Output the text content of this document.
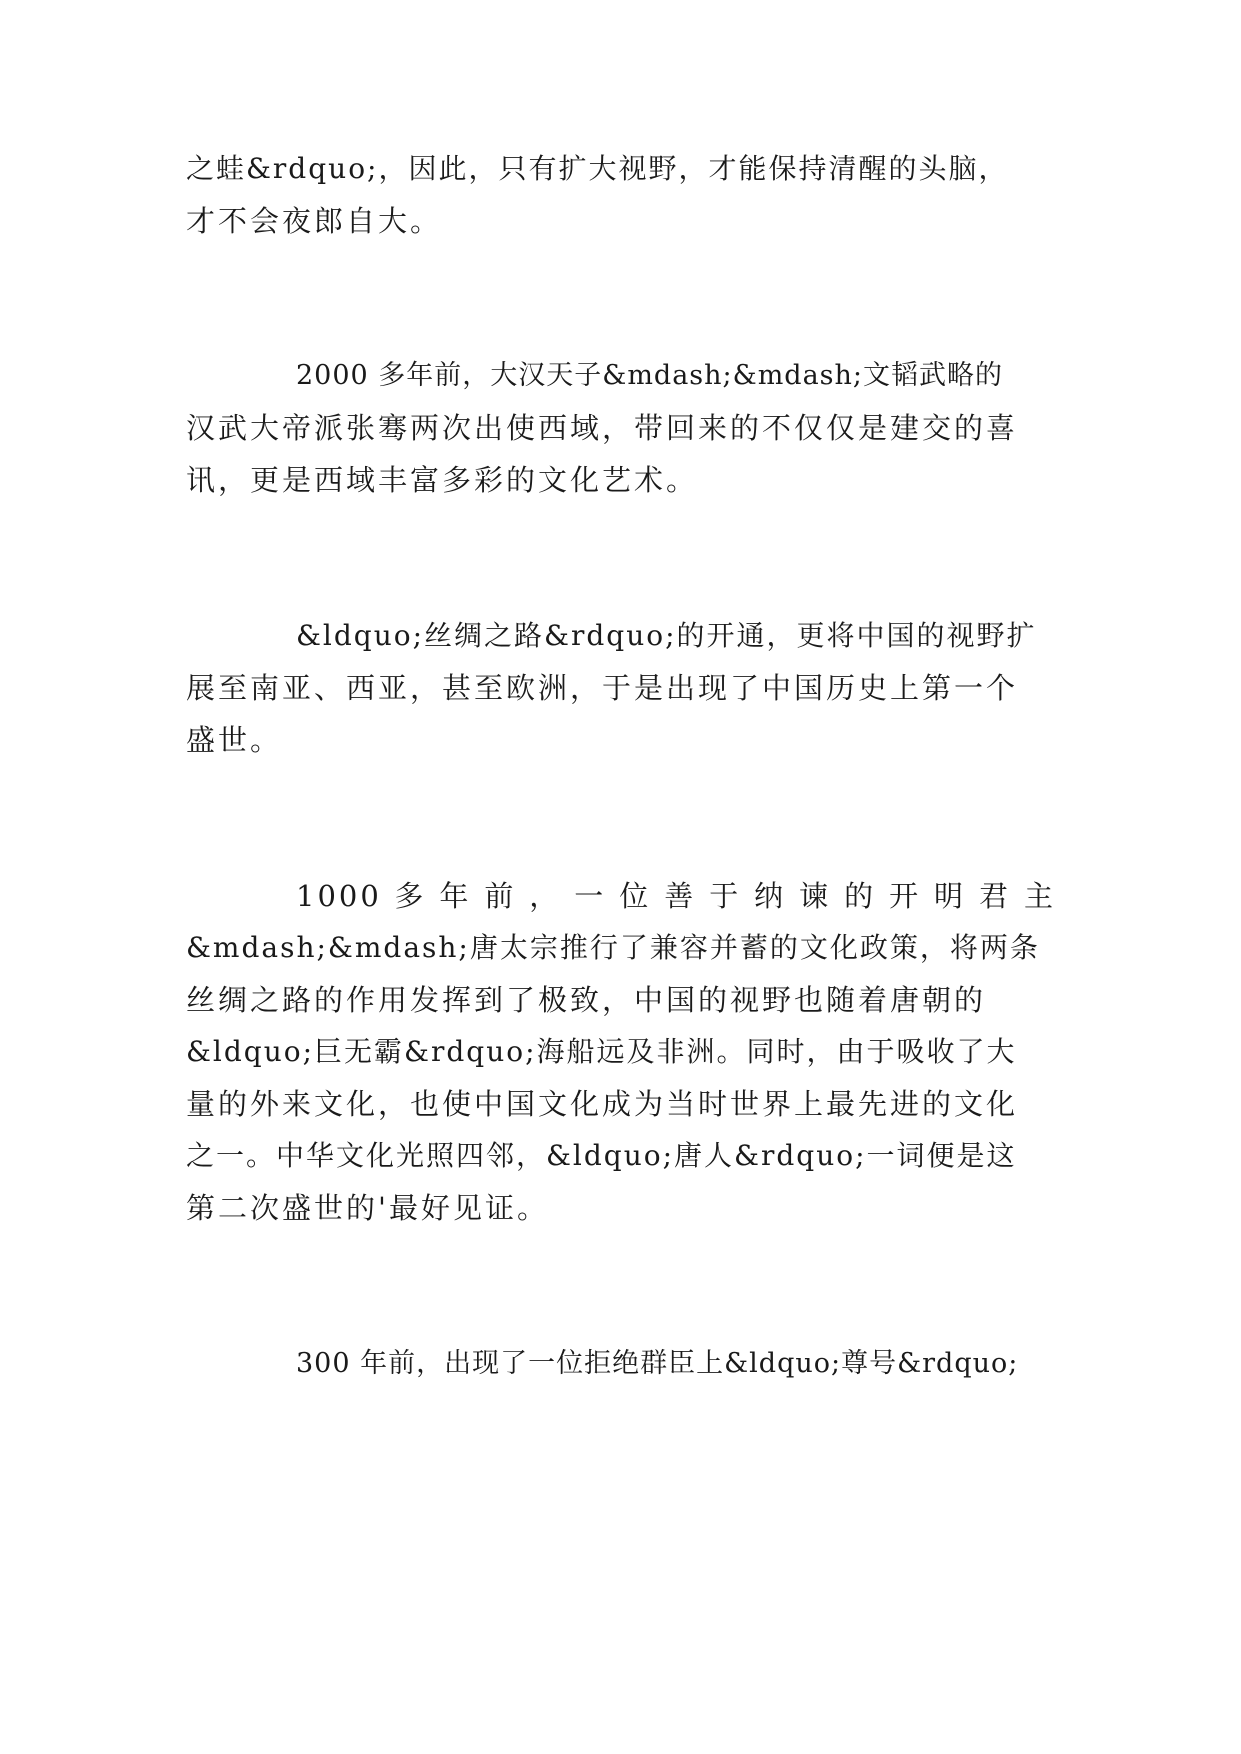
之蛙&rdquo;，因此，只有扩大视野，才能保持清醒的头脑，

才不会夜郎自大。

2000 多年前，大汉天子&mdash;&mdash;文韬武略的

汉武大帝派张骞两次出使西域，带回来的不仅仅是建交的喜

讯，更是西域丰富多彩的文化艺术。

&ldquo;丝绸之路&rdquo;的开通，更将中国的视野扩

展至南亚、西亚，甚至欧洲，于是出现了中国历史上第一个

盛世。

1000 多 年 前 ， 一 位 善 于 纳 谏 的 开 明 君 主

&mdash;&mdash;唐太宗推行了兼容并蓄的文化政策，将两条

丝绸之路的作用发挥到了极致，中国的视野也随着唐朝的

&ldquo;巨无霸&rdquo;海船远及非洲。同时，由于吸收了大

量的外来文化，也使中国文化成为当时世界上最先进的文化

之一。中华文化光照四邻，&ldquo;唐人&rdquo;一词便是这

第二次盛世的'最好见证。

300 年前，出现了一位拒绝群臣上&ldquo;尊号&rdquo;
